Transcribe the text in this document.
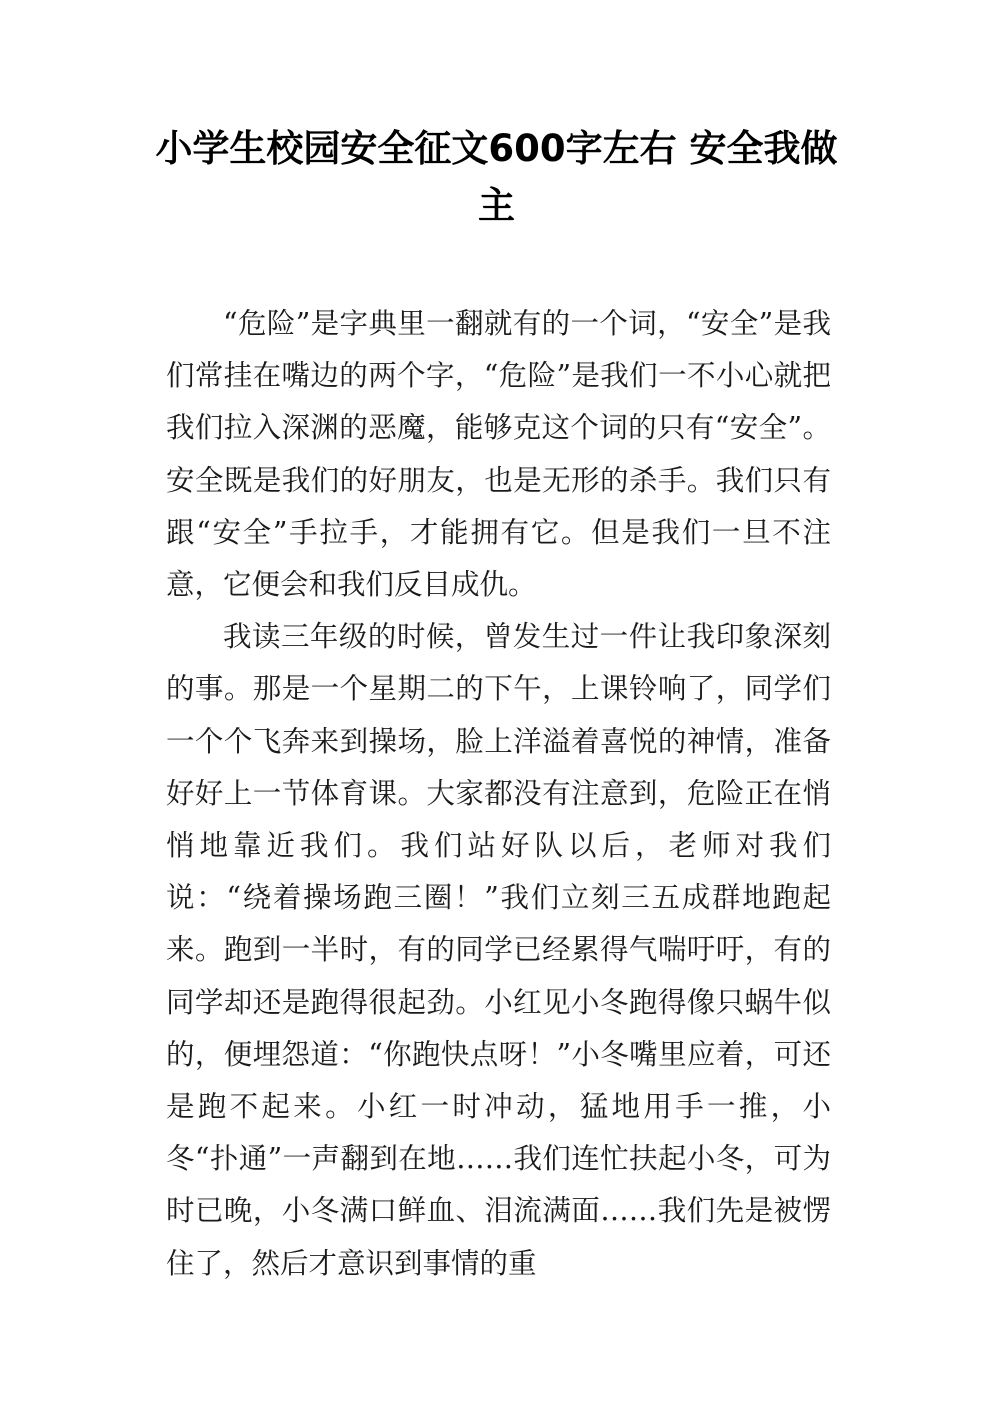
小学生校园安全征文600字左右 安全我做主

“危险”是字典里一翻就有的一个词，“安全”是我们常挂在嘴边的两个字，“危险”是我们一不小心就把我们拉入深渊的恶魔，能够克这个词的只有“安全”。安全既是我们的好朋友，也是无形的杀手。我们只有跟“安全”手拉手，才能拥有它。但是我们一旦不注意，它便会和我们反目成仇。

我读三年级的时候，曾发生过一件让我印象深刻的事。那是一个星期二的下午，上课铃响了，同学们一个个飞奔来到操场，脸上洋溢着喜悦的神情，准备好好上一节体育课。大家都没有注意到，危险正在悄悄地靠近我们。我们站好队以后，老师对我们说：“绕着操场跑三圈！”我们立刻三五成群地跑起来。跑到一半时，有的同学已经累得气喘吁吁，有的同学却还是跑得很起劲。小红见小冬跑得像只蜗牛似的，便埋怨道：“你跑快点呀！”小冬嘴里应着，可还是跑不起来。小红一时冲动，猛地用手一推，小冬“扑通”一声翻到在地……我们连忙扶起小冬，可为时已晚，小冬满口鲜血、泪流满面……我们先是被愣住了，然后才意识到事情的重
